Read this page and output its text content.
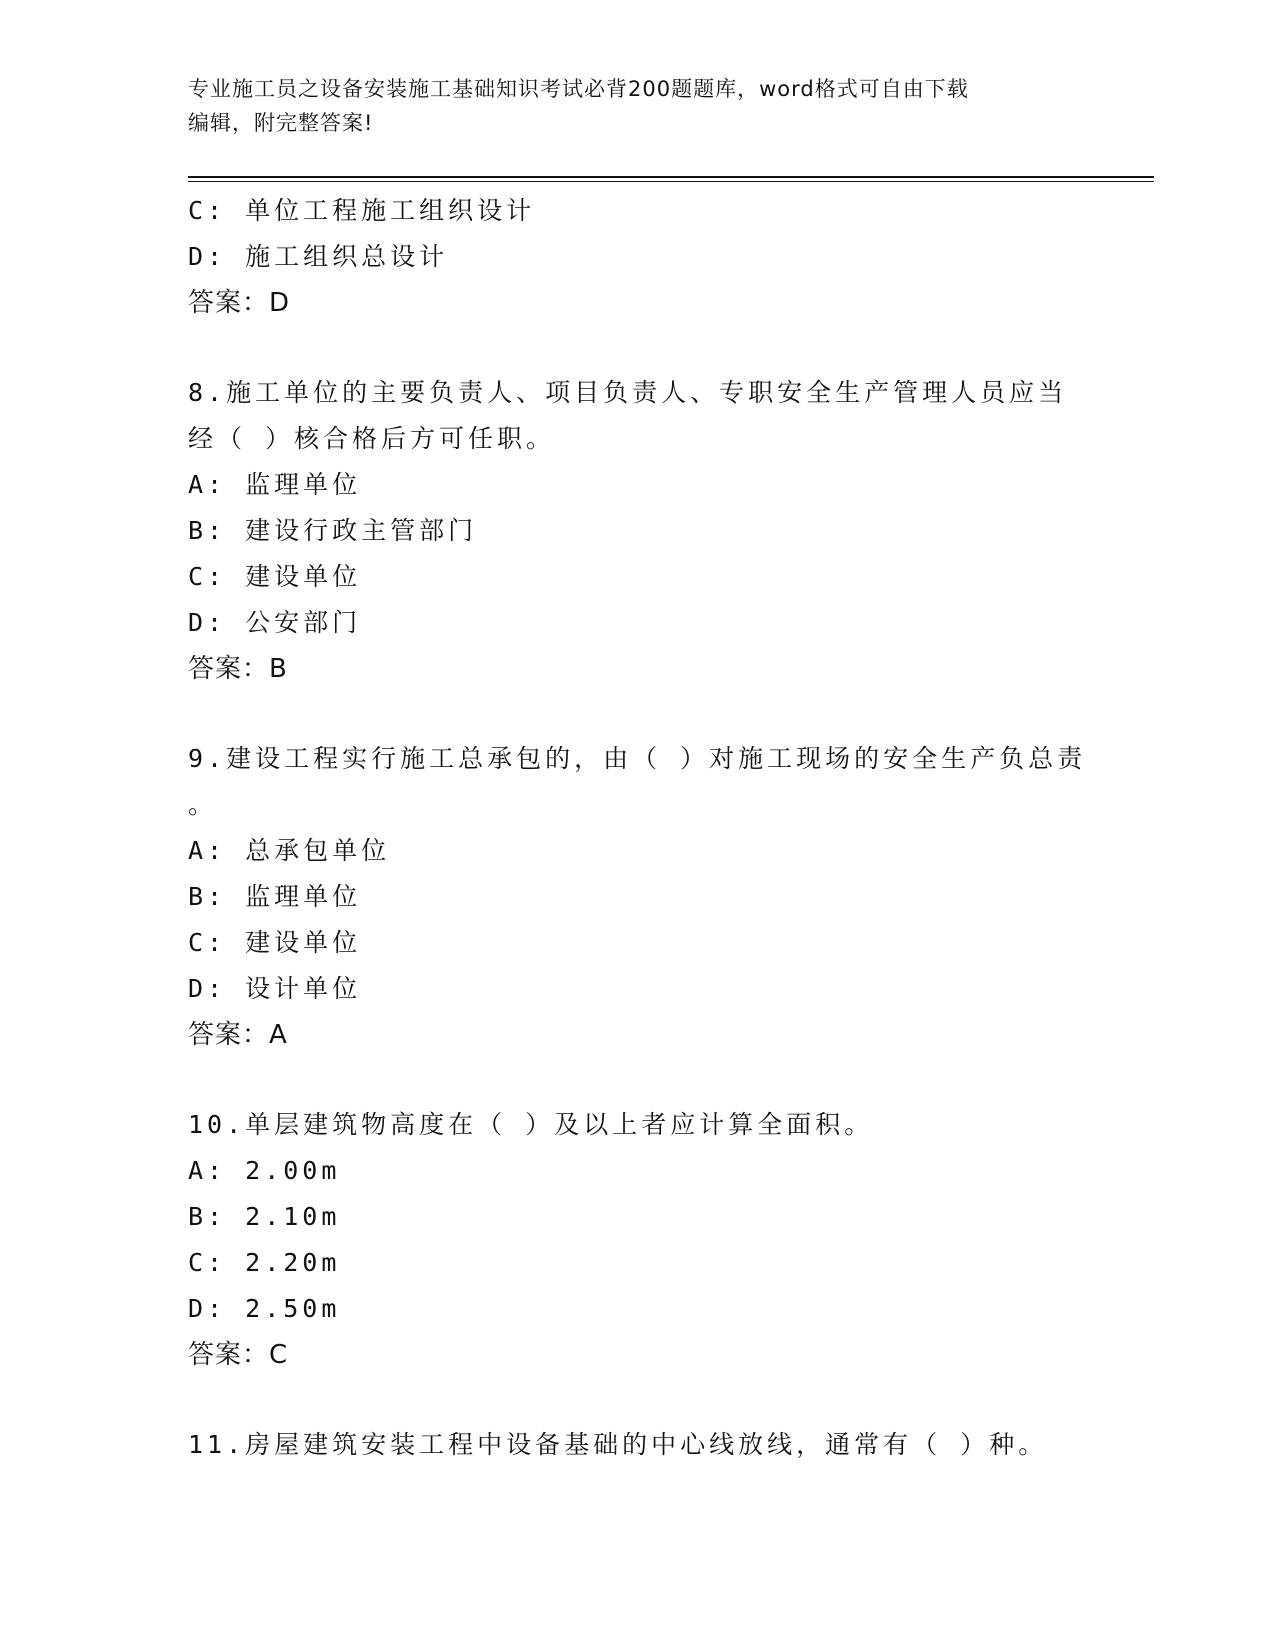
专业施工员之设备安装施工基础知识考试必背200题题库，word格式可自由下载
编辑，附完整答案!
C: 单位工程施工组织设计
D: 施工组织总设计
答案：D
8.施工单位的主要负责人、项目负责人、专职安全生产管理人员应当
经（ ）核合格后方可任职。
A: 监理单位
B: 建设行政主管部门
C: 建设单位
D: 公安部门
答案：B
9.建设工程实行施工总承包的，由（ ）对施工现场的安全生产负总责
。
A: 总承包单位
B: 监理单位
C: 建设单位
D: 设计单位
答案：A
10.单层建筑物高度在（ ）及以上者应计算全面积。
A: 2.00m
B: 2.10m
C: 2.20m
D: 2.50m
答案：C
11.房屋建筑安装工程中设备基础的中心线放线，通常有（ ）种。
